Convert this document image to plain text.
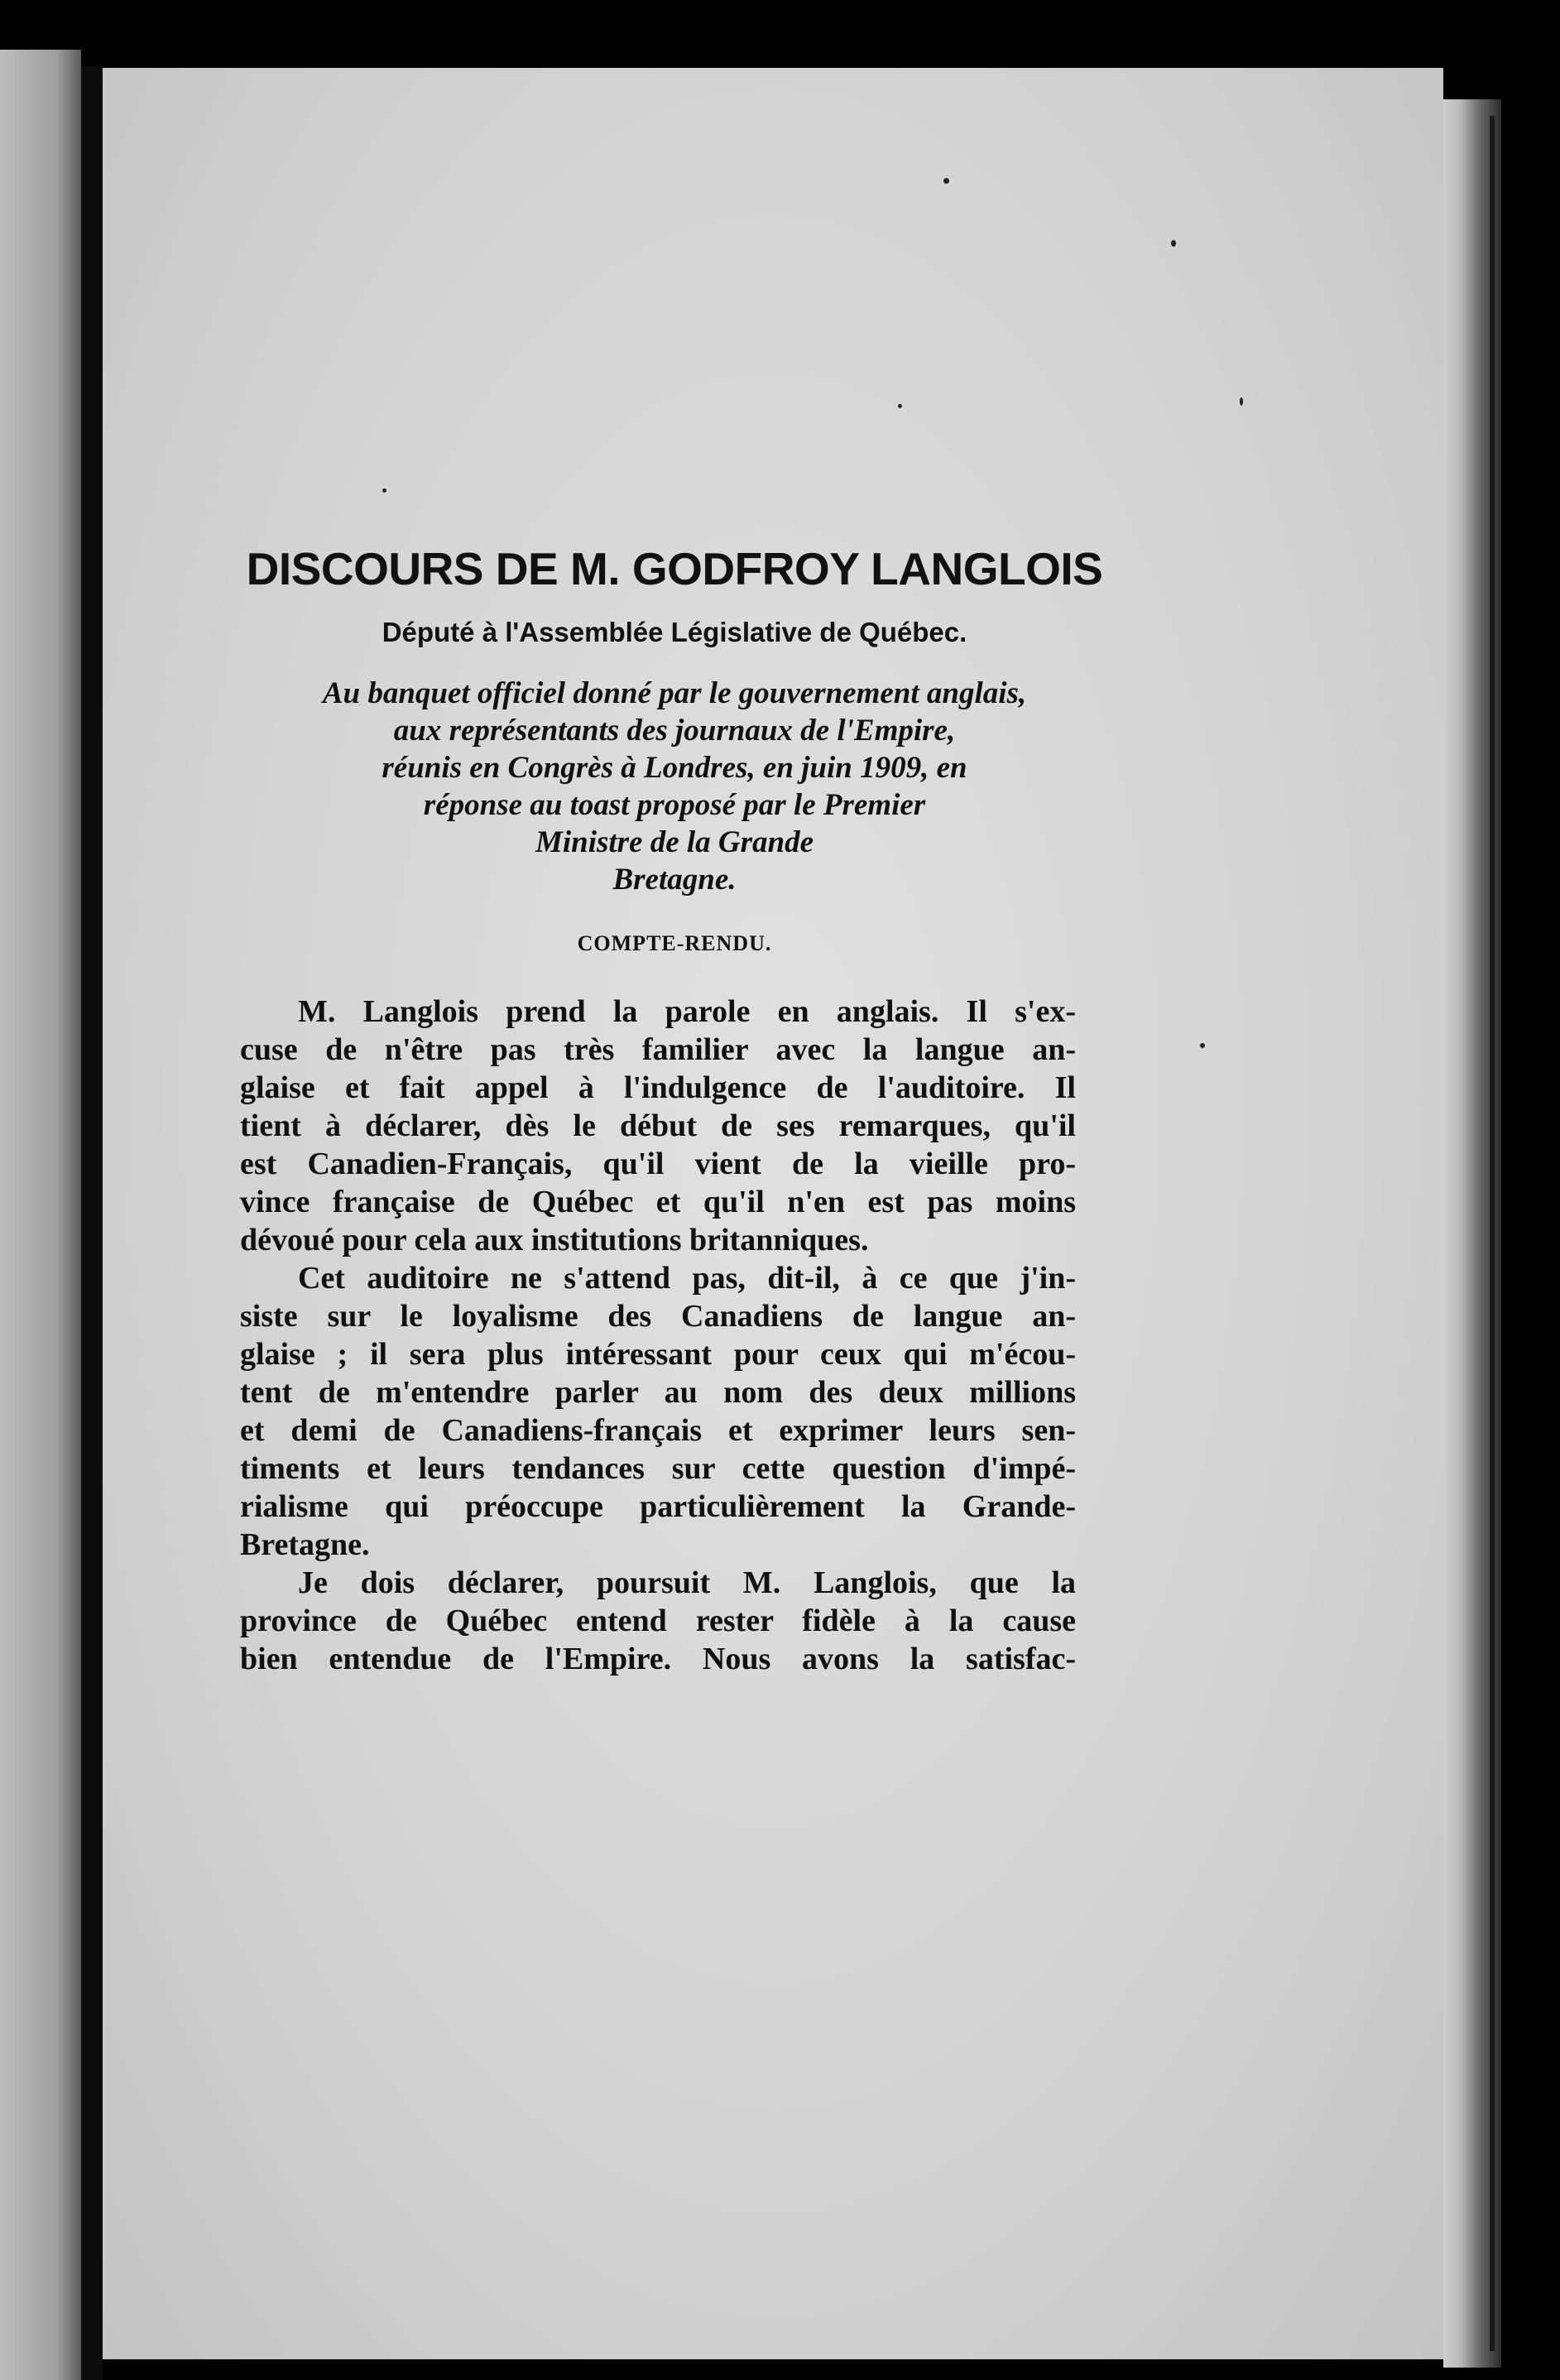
DISCOURS DE M. GODFROY LANGLOIS
Député à l'Assemblée Législative de Québec.
Au banquet officiel donné par le gouvernement anglais,
aux représentants des journaux de l'Empire,
réunis en Congrès à Londres, en juin 1909, en
réponse au toast proposé par le Premier
Ministre de la Grande
Bretagne.
COMPTE-RENDU.
M. Langlois prend la parole en anglais. Il s'ex-
cuse de n'être pas très familier avec la langue an-
glaise et fait appel à l'indulgence de l'auditoire. Il
tient à déclarer, dès le début de ses remarques, qu'il
est Canadien-Français, qu'il vient de la vieille pro-
vince française de Québec et qu'il n'en est pas moins
dévoué pour cela aux institutions britanniques.
Cet auditoire ne s'attend pas, dit-il, à ce que j'in-
siste sur le loyalisme des Canadiens de langue an-
glaise ; il sera plus intéressant pour ceux qui m'écou-
tent de m'entendre parler au nom des deux millions
et demi de Canadiens-français et exprimer leurs sen-
timents et leurs tendances sur cette question d'impé-
rialisme qui préoccupe particulièrement la Grande-
Bretagne.
Je dois déclarer, poursuit M. Langlois, que la
province de Québec entend rester fidèle à la cause
bien entendue de l'Empire. Nous avons la satisfac-
